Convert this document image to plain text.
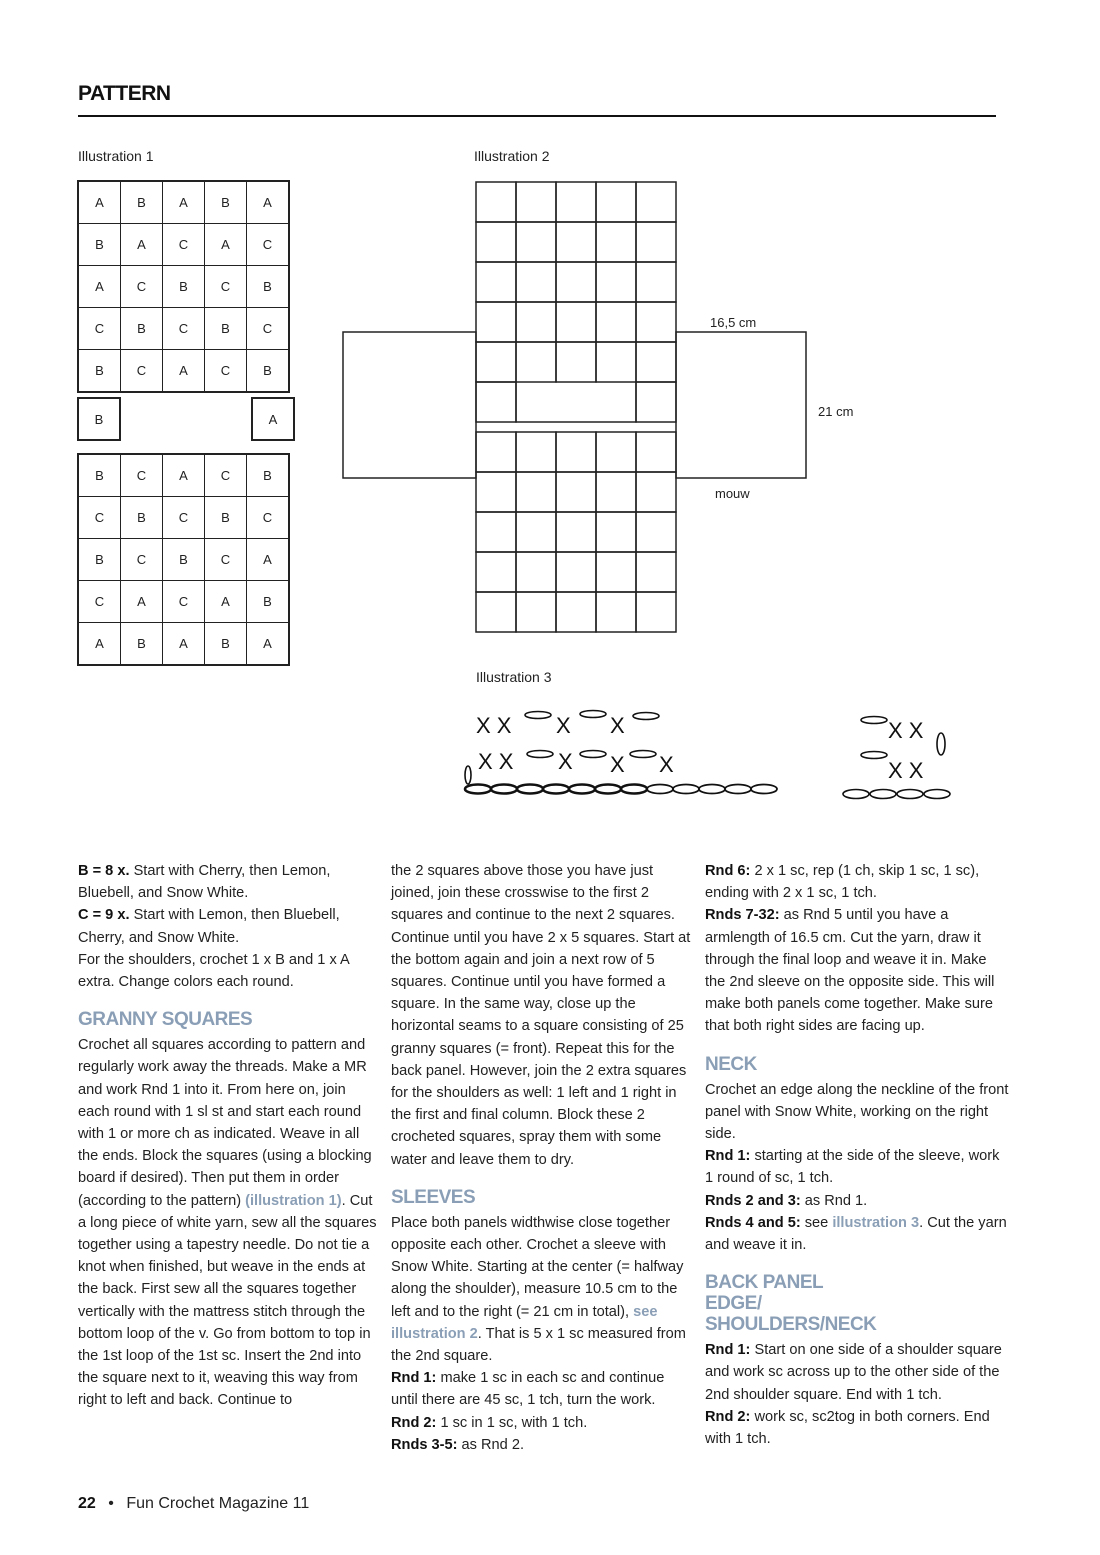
PATTERN
Illustration 1
A	B	A	B	A
B	A	C	A	C
A	C	B	C	B
C	B	C	B	C
B	C	A	C	B
B	A
B	C	A	C	B
C	B	C	B	C
B	C	B	C	A
C	A	C	A	B
A	B	A	B	A
Illustration 2
16,5 cm
21 cm
mouw
Illustration 3
X X X X
X X X X X
X X
X X

B = 8 x. Start with Cherry, then Lemon, Bluebell, and Snow White.

C = 9 x. Start with Lemon, then Bluebell, Cherry, and Snow White.

For the shoulders, crochet 1 x B and 1 x A extra. Change colors each round.

GRANNY SQUARES

Crochet all squares according to pattern and regularly work away the threads. Make a MR and work Rnd 1 into it. From here on, join each round with 1 sl st and start each round with 1 or more ch as indicated. Weave in all the ends. Block the squares (using a blocking board if desired). Then put them in order (according to the pattern) (illustration 1). Cut a long piece of white yarn, sew all the squares together using a tapestry needle. Do not tie a knot when finished, but weave in the ends at the back. First sew all the squares together vertically with the mattress stitch through the bottom loop of the v. Go from bottom to top in the 1st loop of the 1st sc. Insert the 2nd into the square next to it, weaving this way from right to left and back. Continue to

the 2 squares above those you have just joined, join these crosswise to the first 2 squares and continue to the next 2 squares. Continue until you have 2 x 5 squares. Start at the bottom again and join a next row of 5 squares. Continue until you have formed a square. In the same way, close up the horizontal seams to a square consisting of 25 granny squares (= front). Repeat this for the back panel. However, join the 2 extra squares for the shoulders as well: 1 left and 1 right in the first and final column. Block these 2 crocheted squares, spray them with some water and leave them to dry.

SLEEVES

Place both panels widthwise close together opposite each other. Crochet a sleeve with Snow White. Starting at the center (= halfway along the shoulder), measure 10.5 cm to the left and to the right (= 21 cm in total), see illustration 2. That is 5 x 1 sc measured from the 2nd square.

Rnd 1: make 1 sc in each sc and continue until there are 45 sc, 1 tch, turn the work.

Rnd 2: 1 sc in 1 sc, with 1 tch.

Rnds 3-5: as Rnd 2.

Rnd 6: 2 x 1 sc, rep (1 ch, skip 1 sc, 1 sc), ending with 2 x 1 sc, 1 tch.

Rnds 7-32: as Rnd 5 until you have a armlength of 16.5 cm. Cut the yarn, draw it through the final loop and weave it in. Make the 2nd sleeve on the opposite side. This will make both panels come together. Make sure that both right sides are facing up.

NECK

Crochet an edge along the neckline of the front panel with Snow White, working on the right side.

Rnd 1: starting at the side of the sleeve, work 1 round of sc, 1 tch.

Rnds 2 and 3: as Rnd 1.

Rnds 4 and 5: see illustration 3. Cut the yarn and weave it in.

BACK PANEL EDGE/ SHOULDERS/NECK

Rnd 1: Start on one side of a shoulder square and work sc across up to the other side of the 2nd shoulder square. End with 1 tch.

Rnd 2: work sc, sc2tog in both corners. End with 1 tch.

22 • Fun Crochet Magazine 11
